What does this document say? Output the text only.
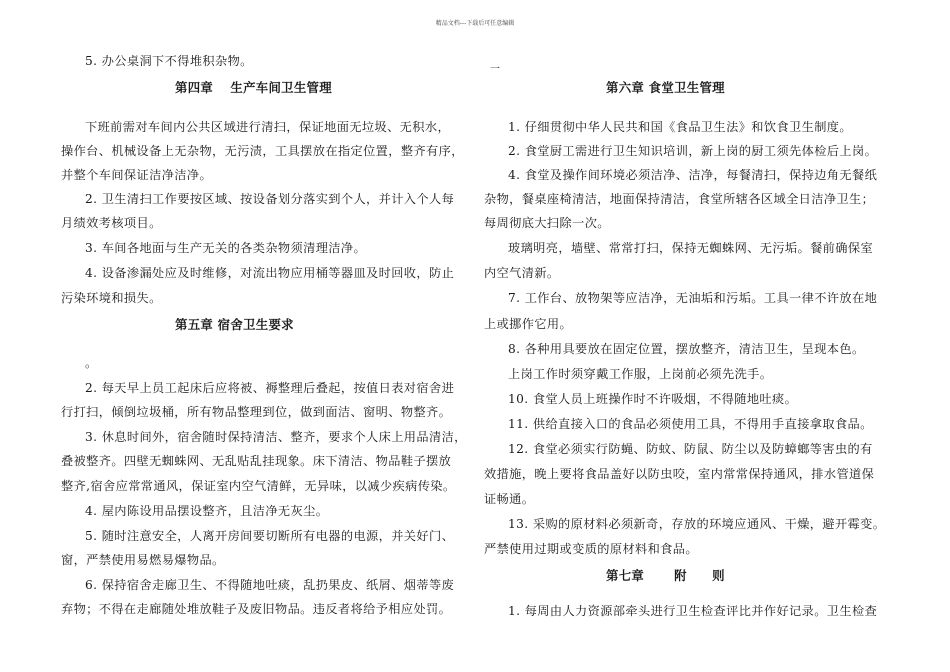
精品文档---下载后可任意编辑
一
5. 办公桌洞下不得堆积杂物。
第四章　 生产车间卫生管理
下班前需对车间内公共区域进行清扫，保证地面无垃圾、无积水，
操作台、机械设备上无杂物，无污渍，工具摆放在指定位置，整齐有序，
并整个车间保证洁净洁净。
2. 卫生清扫工作要按区域、按设备划分落实到个人，并计入个人每
月绩效考核项目。
3. 车间各地面与生产无关的各类杂物须清理洁净。
4. 设备渗漏处应及时维修，对流出物应用桶等器皿及时回收，防止
污染环境和损失。
第五章 宿舍卫生要求
。
2. 每天早上员工起床后应将被、褥整理后叠起，按值日表对宿舍进
行打扫，倾倒垃圾桶，所有物品整理到位，做到面洁、窗明、物整齐。
3. 休息时间外，宿舍随时保持清洁、整齐，要求个人床上用品清洁，
叠被整齐。四壁无蜘蛛网、无乱贴乱挂现象。床下清洁、物品鞋子摆放
整齐,宿舍应常常通风，保证室内空气清鲜，无异味，以减少疾病传染。
4. 屋内陈设用品摆设整齐，且洁净无灰尘。
5. 随时注意安全，人离开房间要切断所有电器的电源，并关好门、
窗，严禁使用易燃易爆物品。
6. 保持宿舍走廊卫生、不得随地吐痰，乱扔果皮、纸屑、烟蒂等废
弃物；不得在走廊随处堆放鞋子及废旧物品。违反者将给予相应处罚。
第六章 食堂卫生管理
1. 仔细贯彻中华人民共和国《食品卫生法》和饮食卫生制度。
2. 食堂厨工需进行卫生知识培训，新上岗的厨工须先体检后上岗。
4. 食堂及操作间环境必须洁净、洁净，每餐清扫，保持边角无餐纸
杂物，餐桌座椅清洁，地面保持清洁，食堂所辖各区域全日洁净卫生；
每周彻底大扫除一次。
玻璃明亮，墙壁、常常打扫，保持无蜘蛛网、无污垢。餐前确保室
内空气清新。
7. 工作台、放物架等应洁净，无油垢和污垢。工具一律不许放在地
上或挪作它用。
8. 各种用具要放在固定位置，摆放整齐，清洁卫生，呈现本色。
上岗工作时须穿戴工作服，上岗前必须先洗手。
10. 食堂人员上班操作时不许吸烟，不得随地吐痰。
11. 供给直接入口的食品必须使用工具，不得用手直接拿取食品。
12. 食堂必须实行防蝇、防蚊、防鼠、防尘以及防蟑螂等害虫的有
效措施，晚上要将食品盖好以防虫咬，室内常常保持通风，排水管道保
证畅通。
13. 采购的原材料必须新奇，存放的环境应通风、干燥，避开霉变。
严禁使用过期或变质的原材料和食品。
第七章　　 附　　则
1. 每周由人力资源部牵头进行卫生检查评比并作好记录。卫生检查
